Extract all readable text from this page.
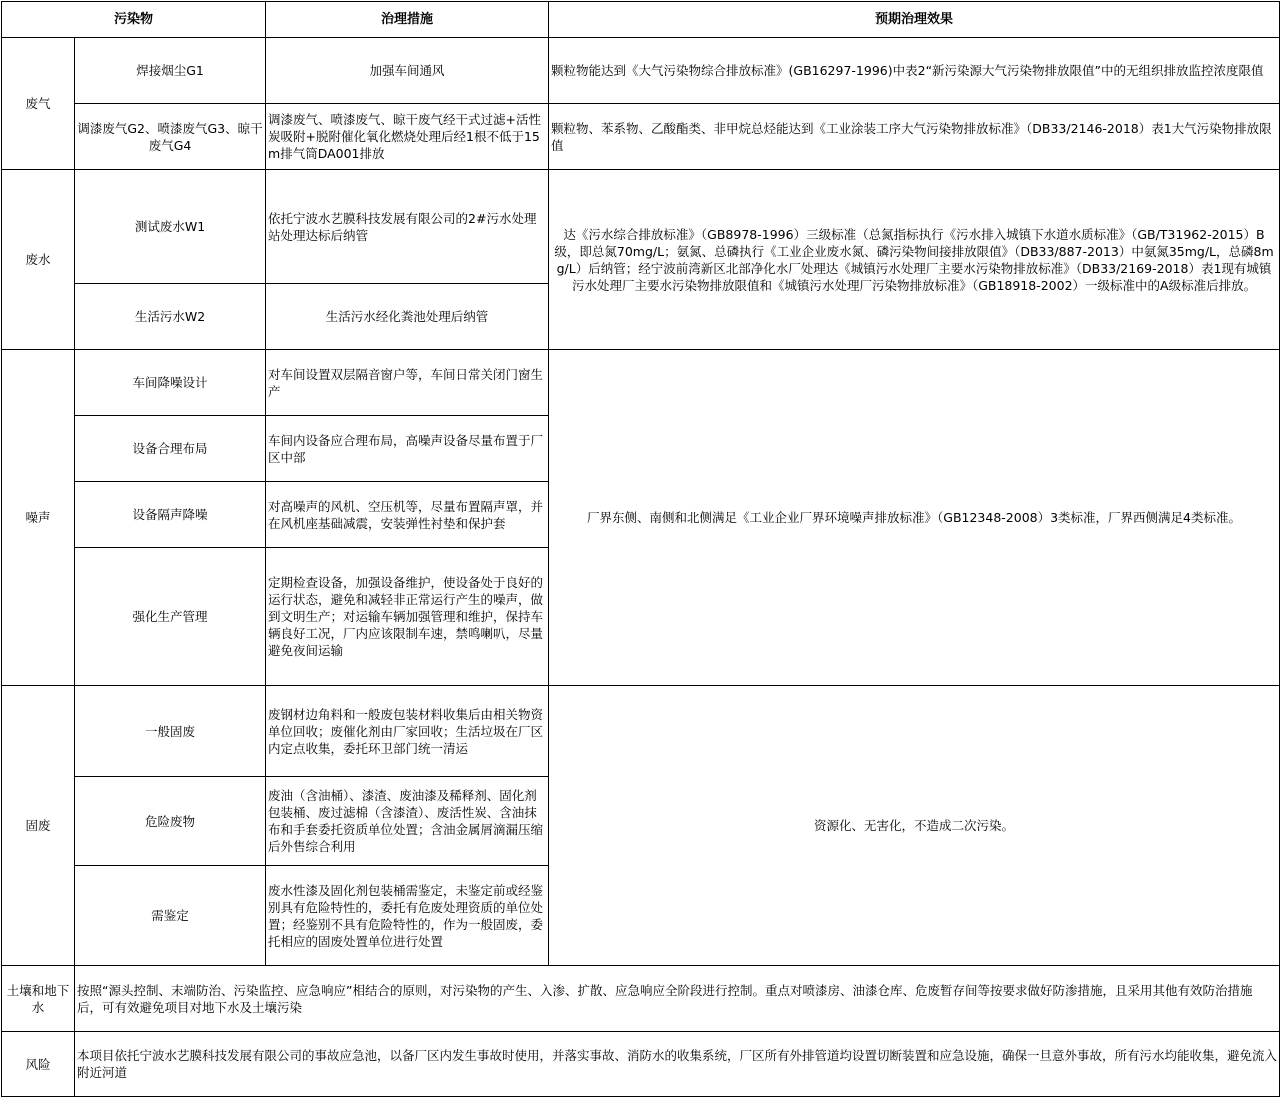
污染物		治理措施	预期治理效果
废气	焊接烟尘G1	加强车间通风	颗粒物能达到《大气污染物综合排放标准》(GB16297-1996)中表2“新污染源大气污染物排放限值”中的无组织排放监控浓度限值
	调漆废气G2、喷漆废气G3、晾干废气G4	调漆废气、喷漆废气、晾干废气经干式过滤+活性炭吸附+脱附催化氧化燃烧处理后经1根不低于15m排气筒DA001排放	颗粒物、苯系物、乙酸酯类、非甲烷总烃能达到《工业涂装工序大气污染物排放标准》（DB33/2146-2018）表1大气污染物排放限值
废水	测试废水W1	依托宁波水艺膜科技发展有限公司的2#污水处理站处理达标后纳管	达《污水综合排放标准》（GB8978-1996）三级标准（总氮指标执行《污水排入城镇下水道水质标准》（GB/T31962-2015）B级，即总氮70mg/L；氨氮、总磷执行《工业企业废水氮、磷污染物间接排放限值》（DB33/887-2013）中氨氮35mg/L，总磷8mg/L）后纳管；经宁波前湾新区北部净化水厂处理达《城镇污水处理厂主要水污染物排放标准》（DB33/2169-2018）表1现有城镇污水处理厂主要水污染物排放限值和《城镇污水处理厂污染物排放标准》（GB18918-2002）一级标准中的A级标准后排放。
	生活污水W2	生活污水经化粪池处理后纳管	
噪声	车间降噪设计	对车间设置双层隔音窗户等，车间日常关闭门窗生产	厂界东侧、南侧和北侧满足《工业企业厂界环境噪声排放标准》（GB12348-2008）3类标准，厂界西侧满足4类标准。
	设备合理布局	车间内设备应合理布局，高噪声设备尽量布置于厂区中部	
	设备隔声降噪	对高噪声的风机、空压机等，尽量布置隔声罩，并在风机座基础减震，安装弹性衬垫和保护套	
	强化生产管理	定期检查设备，加强设备维护，使设备处于良好的运行状态，避免和减轻非正常运行产生的噪声，做到文明生产；对运输车辆加强管理和维护，保持车辆良好工况，厂内应该限制车速，禁鸣喇叭，尽量避免夜间运输	
固废	一般固废	废钢材边角料和一般废包装材料收集后由相关物资单位回收；废催化剂由厂家回收；生活垃圾在厂区内定点收集，委托环卫部门统一清运	资源化、无害化，不造成二次污染。
	危险废物	废油（含油桶）、漆渣、废油漆及稀释剂、固化剂包装桶、废过滤棉（含漆渣）、废活性炭、含油抹布和手套委托资质单位处置；含油金属屑滴漏压缩后外售综合利用	
	需鉴定	废水性漆及固化剂包装桶需鉴定，未鉴定前或经鉴别具有危险特性的，委托有危废处理资质的单位处置；经鉴别不具有危险特性的，作为一般固废，委托相应的固废处置单位进行处置	
土壤和地下水	按照“源头控制、末端防治、污染监控、应急响应”相结合的原则，对污染物的产生、入渗、扩散、应急响应全阶段进行控制。重点对喷漆房、油漆仓库、危废暂存间等按要求做好防渗措施，且采用其他有效防治措施后，可有效避免项目对地下水及土壤污染		
风险	本项目依托宁波水艺膜科技发展有限公司的事故应急池，以备厂区内发生事故时使用，并落实事故、消防水的收集系统，厂区所有外排管道均设置切断装置和应急设施，确保一旦意外事故，所有污水均能收集，避免流入附近河道		
